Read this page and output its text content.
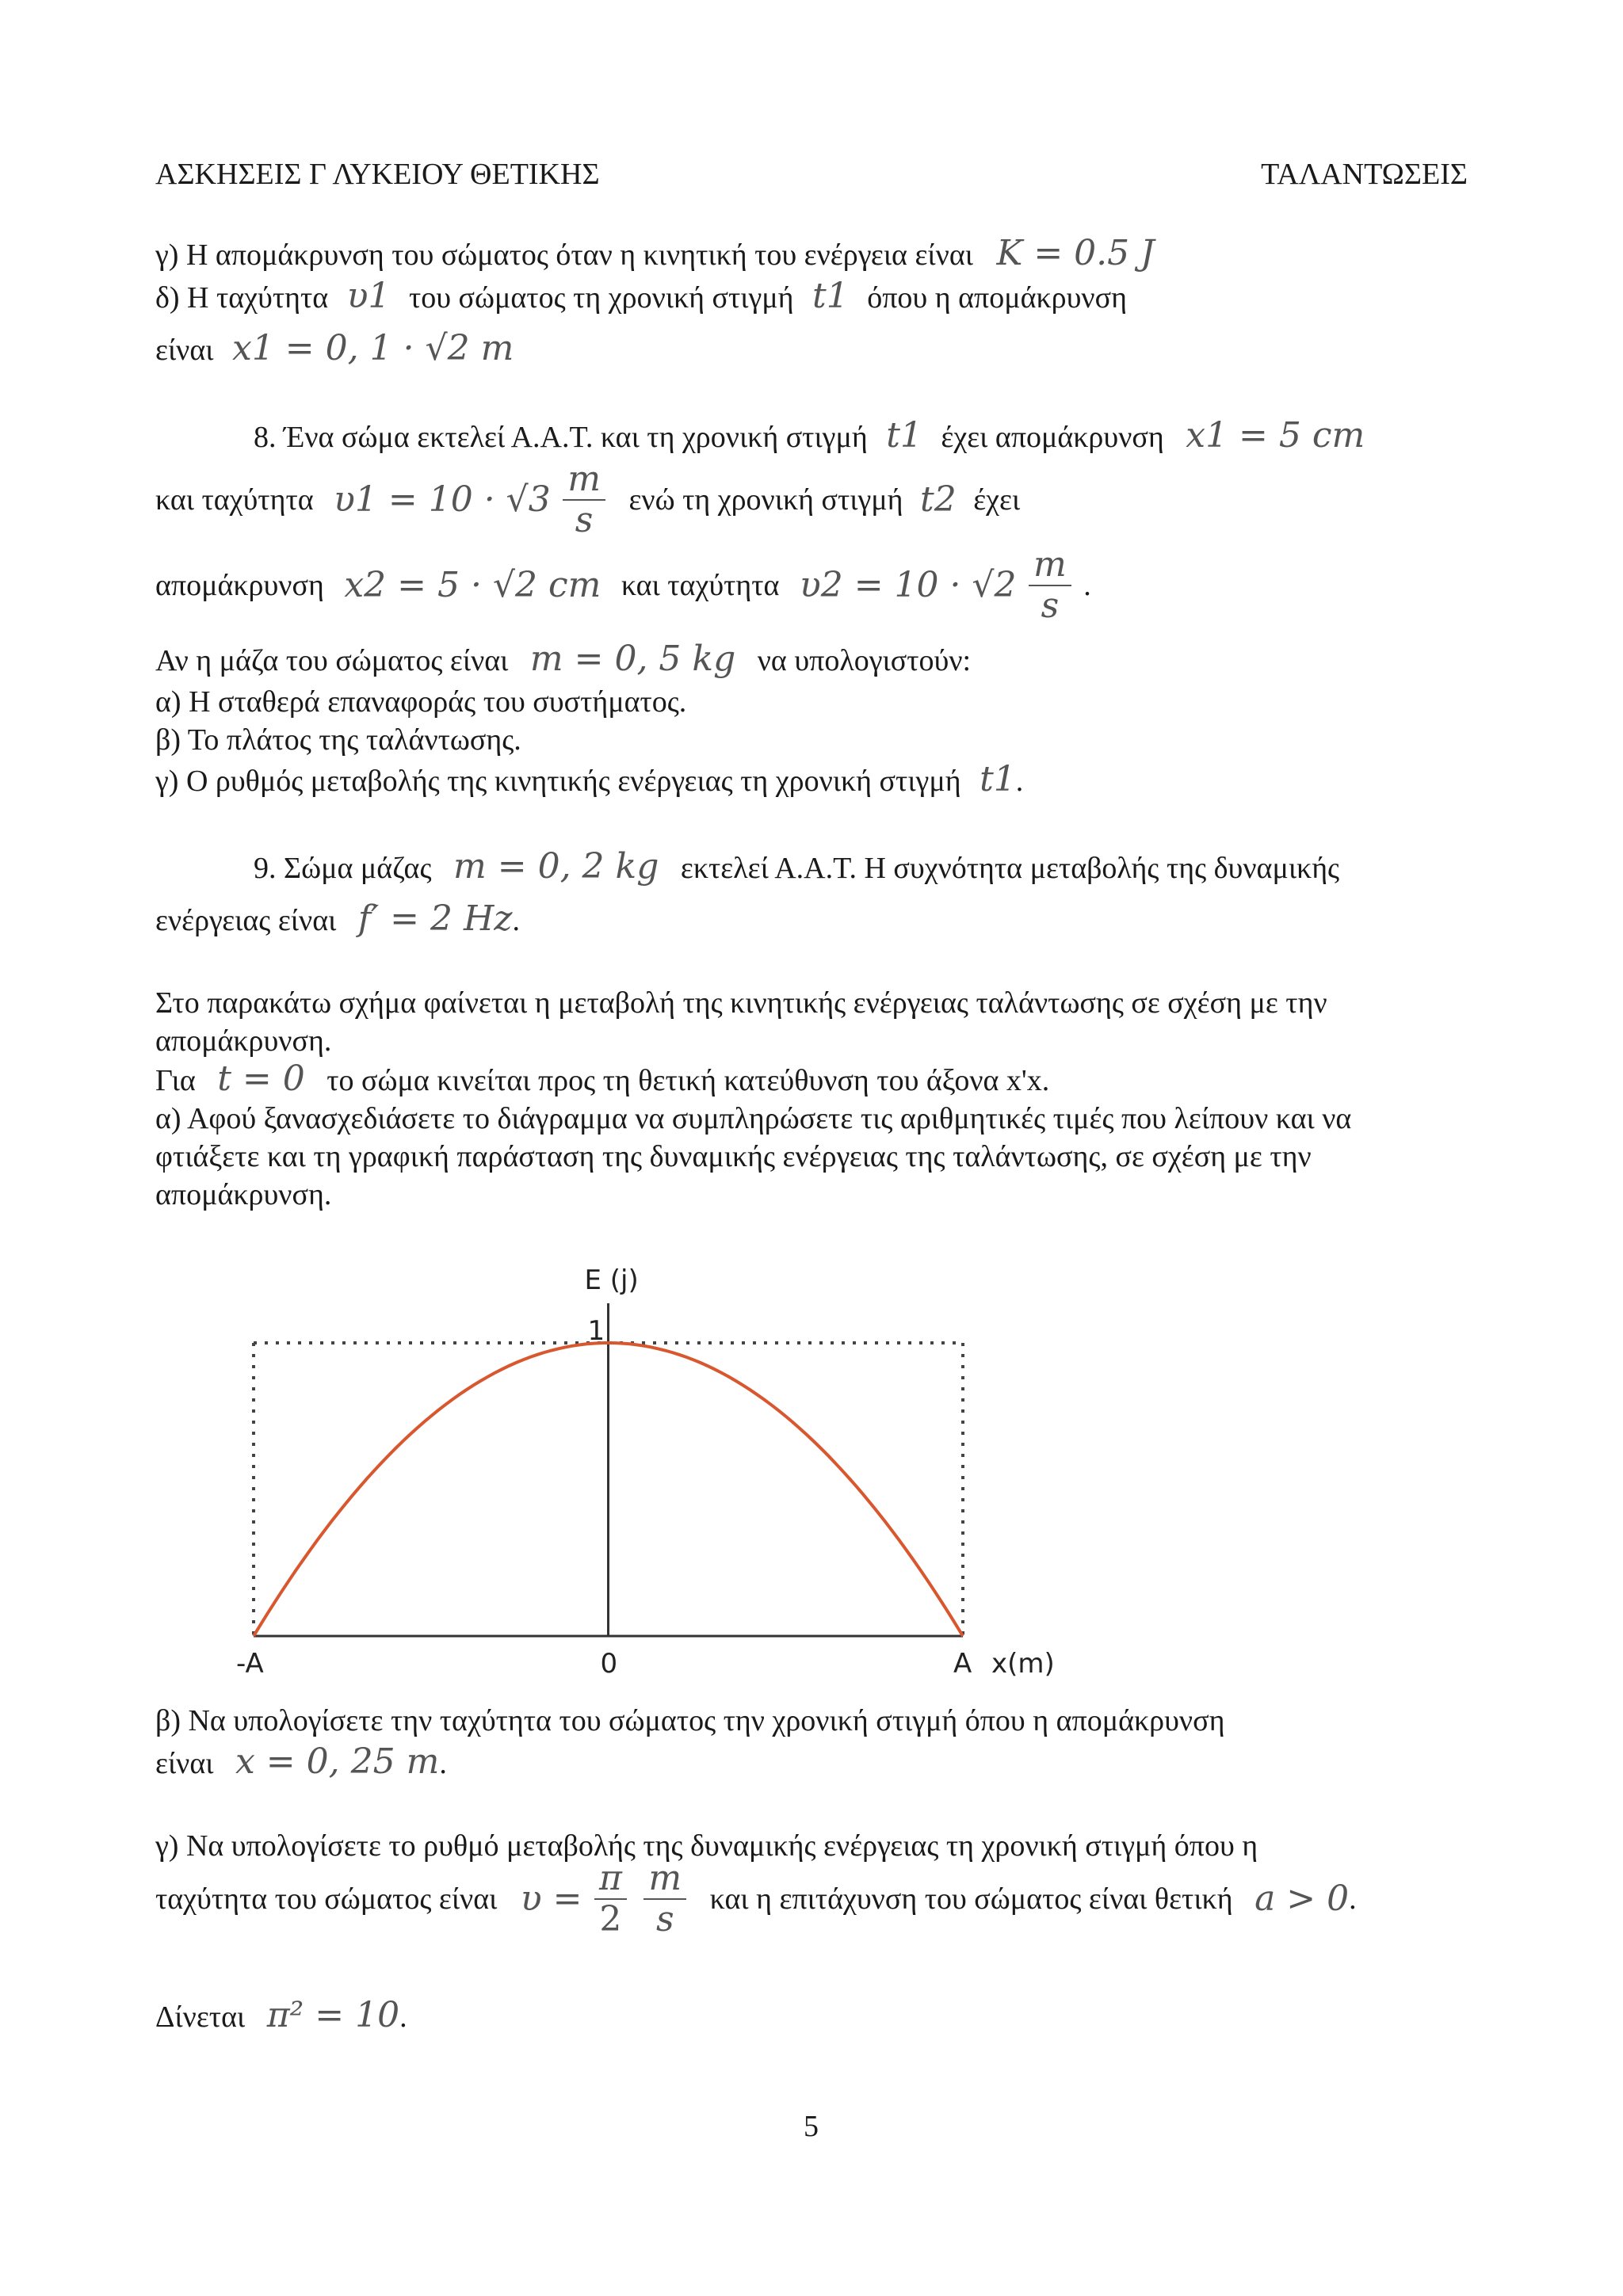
ΑΣΚΗΣΕΙΣ Γ ΛΥΚΕΙΟΥ ΘΕΤΙΚΗΣ	ΤΑΛΑΝΤΩΣΕΙΣ
γ) Η απομάκρυνση του σώματος όταν η κινητική του ενέργεια είναι K = 0.5 J
δ) Η ταχύτητα υ1 του σώματος τη χρονική στιγμή t1 όπου η απομάκρυνση
είναι x1 = 0, 1 · √2 m
8. Ένα σώμα εκτελεί Α.Α.Τ. και τη χρονική στιγμή t1 έχει απομάκρυνση x1 = 5 cm
και ταχύτητα $\upsilon 1 = 10 \cdot √3 \frac{m}{s}$ ενώ τη χρονική στιγμή t2 έχει
απομάκρυνση x2 = 5 · √2 cm και ταχύτητα $\upsilon 2 = 10 \cdot √2 \frac{m}{s}$ .
Αν η μάζα του σώματος είναι m = 0, 5 kg να υπολογιστούν:
α) Η σταθερά επαναφοράς του συστήματος.
β) Το πλάτος της ταλάντωσης.
γ) Ο ρυθμός μεταβολής της κινητικής ενέργειας τη χρονική στιγμή t1.
9. Σώμα μάζας m = 0, 2 kg εκτελεί Α.Α.Τ. Η συχνότητα μεταβολής της δυναμικής
ενέργειας είναι f′ = 2 Hz.
Στο παρακάτω σχήμα φαίνεται η μεταβολή της κινητικής ενέργειας ταλάντωσης σε σχέση με την
απομάκρυνση.
Για t = 0 το σώμα κινείται προς τη θετική κατεύθυνση του άξονα x'x.
α) Αφού ξανασχεδιάσετε το διάγραμμα να συμπληρώσετε τις αριθμητικές τιμές που λείπουν και να
φτιάξετε και τη γραφική παράσταση της δυναμικής ενέργειας της ταλάντωσης, σε σχέση με την
απομάκρυνση.
E (j)
1
-A	0	A x(m)
β) Να υπολογίσετε την ταχύτητα του σώματος την χρονική στιγμή όπου η απομάκρυνση
είναι x = 0, 25 m.
γ) Να υπολογίσετε το ρυθμό μεταβολής της δυναμικής ενέργειας τη χρονική στιγμή όπου η
ταχύτητα του σώματος είναι $\upsilon = \frac{\pi}{2}$
$\frac{m}{s}$ και η επιτάχυνση του σώματος είναι θετική a > 0.
Δίνεται π² = 10.
5
